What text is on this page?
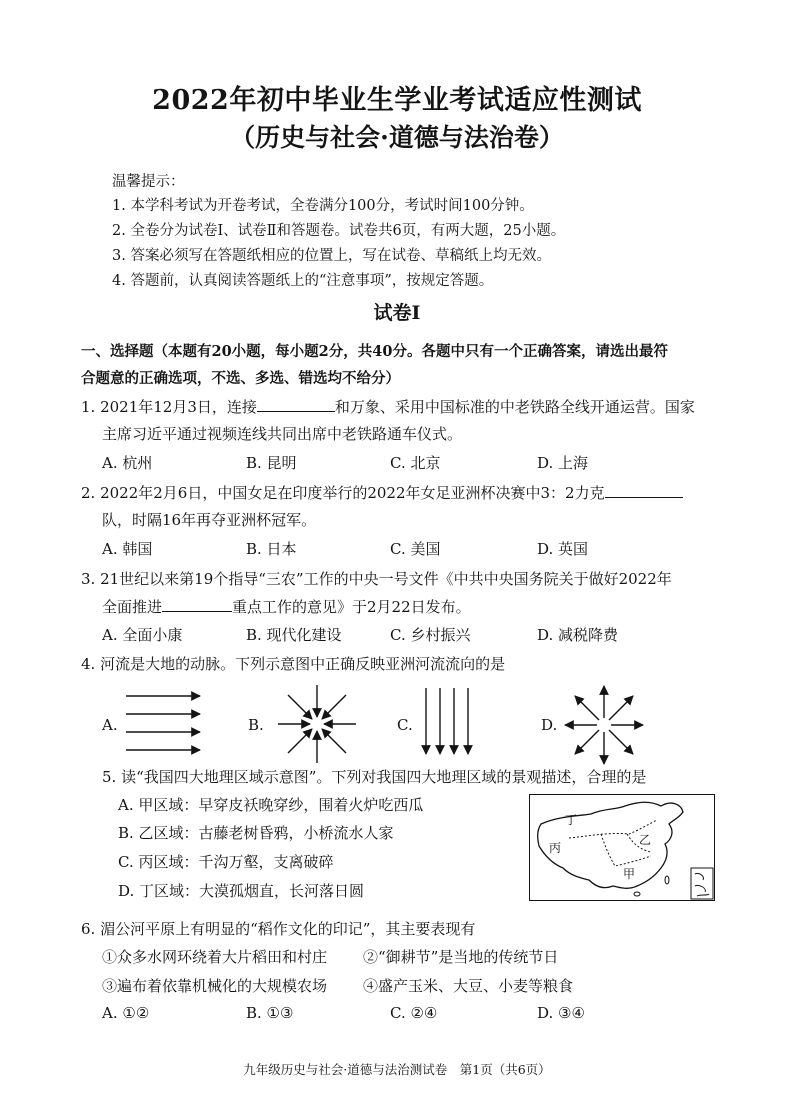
2022年初中毕业生学业考试适应性测试
（历史与社会·道德与法治卷）
温馨提示：
1. 本学科考试为开卷考试，全卷满分100分，考试时间100分钟。
2. 全卷分为试卷Ⅰ、试卷Ⅱ和答题卷。试卷共6页，有两大题，25小题。
3. 答案必须写在答题纸相应的位置上，写在试卷、草稿纸上均无效。
4. 答题前，认真阅读答题纸上的“注意事项”，按规定答题。
试卷Ⅰ
一、选择题（本题有20小题，每小题2分，共40分。各题中只有一个正确答案，请选出最符
合题意的正确选项，不选、多选、错选均不给分）
1. 2021年12月3日，连接	和万象、采用中国标准的中老铁路全线开通运营。国家
主席习近平通过视频连线共同出席中老铁路通车仪式。
A. 杭州	B. 昆明	C. 北京	D. 上海
2. 2022年2月6日，中国女足在印度举行的2022年女足亚洲杯决赛中3：2力克
队，时隔16年再夺亚洲杯冠军。
A. 韩国	B. 日本	C. 美国	D. 英国
3. 21世纪以来第19个指导“三农”工作的中央一号文件《中共中央国务院关于做好2022年
全面推进	重点工作的意见》于2月22日发布。
A. 全面小康	B. 现代化建设	C. 乡村振兴	D. 减税降费
4. 河流是大地的动脉。下列示意图中正确反映亚洲河流流向的是
A.	B.	C.	D.
5. 读“我国四大地理区域示意图”。下列对我国四大地理区域的景观描述，合理的是
A. 甲区域：早穿皮袄晚穿纱，围着火炉吃西瓜
B. 乙区域：古藤老树昏鸦，小桥流水人家
C. 丙区域：千沟万壑，支离破碎
D. 丁区域：大漠孤烟直，长河落日圆
丁
乙
丙
甲
6. 湄公河平原上有明显的“稻作文化的印记”，其主要表现有
①众多水网环绕着大片稻田和村庄 ②“御耕节”是当地的传统节日
③遍布着依靠机械化的大规模农场 ④盛产玉米、大豆、小麦等粮食
A. ①②	B. ①③	C. ②④	D. ③④
九年级历史与社会·道德与法治测试卷　第1页（共6页）
